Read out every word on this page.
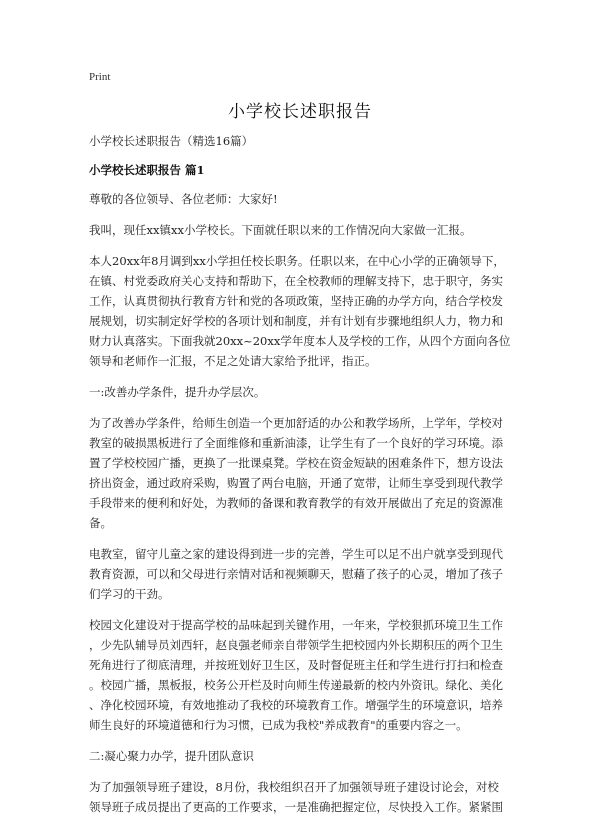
Print
小学校长述职报告
小学校长述职报告（精选16篇）
小学校长述职报告 篇1
尊敬的各位领导、各位老师：大家好!
我叫，现任xx镇xx小学校长。下面就任职以来的工作情况向大家做一汇报。
本人20xx年8月调到xx小学担任校长职务。任职以来，在中心小学的正确领导下，
在镇、村党委政府关心支持和帮助下，在全校教师的理解支持下，忠于职守，务实
工作，认真贯彻执行教育方针和党的各项政策，坚持正确的办学方向，结合学校发
展规划，切实制定好学校的各项计划和制度，并有计划有步骤地组织人力，物力和
财力认真落实。下面我就20xx~20xx学年度本人及学校的工作，从四个方面向各位
领导和老师作一汇报，不足之处请大家给予批评，指正。
一:改善办学条件，提升办学层次。
为了改善办学条件，给师生创造一个更加舒适的办公和教学场所，上学年，学校对
教室的破损黑板进行了全面维修和重新油漆，让学生有了一个良好的学习环境。添
置了学校校园广播，更换了一批课桌凳。学校在资金短缺的困难条件下，想方设法
挤出资金，通过政府采购，购置了两台电脑，开通了宽带，让师生享受到现代教学
手段带来的便利和好处，为教师的备课和教育教学的有效开展做出了充足的资源准
备。
电教室，留守儿童之家的建设得到进一步的完善，学生可以足不出户就享受到现代
教育资源，可以和父母进行亲情对话和视频聊天，慰藉了孩子的心灵，增加了孩子
们学习的干劲。
校园文化建设对于提高学校的品味起到关键作用，一年来，学校狠抓环境卫生工作
，少先队辅导员刘西轩，赵良强老师亲自带领学生把校园内外长期积压的两个卫生
死角进行了彻底清理，并按班划好卫生区，及时督促班主任和学生进行打扫和检查
。校园广播，黑板报，校务公开栏及时向师生传递最新的校内外资讯。绿化、美化
、净化校园环境，有效地推动了我校的环境教育工作。增强学生的环境意识，培养
师生良好的环境道德和行为习惯，已成为我校"养成教育"的重要内容之一。
二:凝心聚力办学，提升团队意识
为了加强领导班子建设，8月份，我校组织召开了加强领导班子建设讨论会，对校
领导班子成员提出了更高的工作要求，一是准确把握定位，尽快投入工作。紧紧围
